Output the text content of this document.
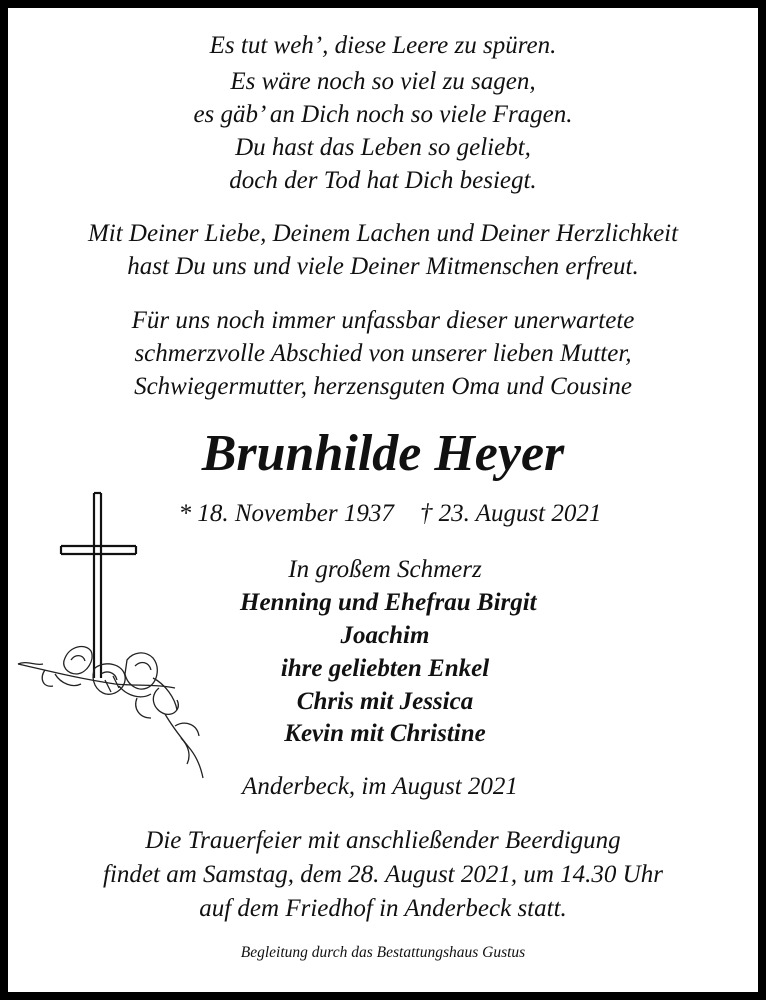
Es tut weh’, diese Leere zu spüren.
Es wäre noch so viel zu sagen,
es gäb’ an Dich noch so viele Fragen.
Du hast das Leben so geliebt,
doch der Tod hat Dich besiegt.
Mit Deiner Liebe, Deinem Lachen und Deiner Herzlichkeit
hast Du uns und viele Deiner Mitmenschen erfreut.
Für uns noch immer unfassbar dieser unerwartete
schmerzvolle Abschied von unserer lieben Mutter,
Schwiegermutter, herzensguten Oma und Cousine
Brunhilde Heyer
* 18. November 1937 † 23. August 2021
In großem Schmerz
Henning und Ehefrau Birgit
Joachim
ihre geliebten Enkel
Chris mit Jessica
Kevin mit Christine
Anderbeck, im August 2021
Die Trauerfeier mit anschließender Beerdigung
findet am Samstag, dem 28. August 2021, um 14.30 Uhr
auf dem Friedhof in Anderbeck statt.
Begleitung durch das Bestattungshaus Gustus
